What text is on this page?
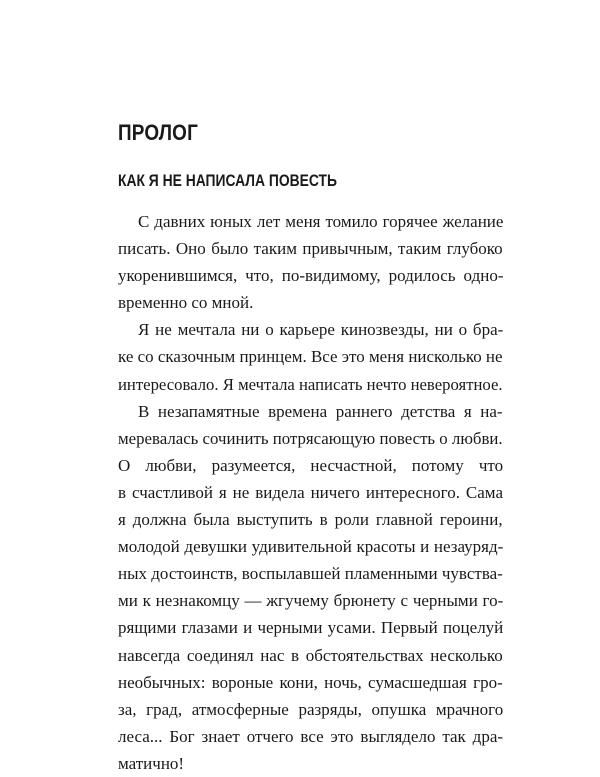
ПРОЛОГ
КАК Я НЕ НАПИСАЛА ПОВЕСТЬ
С давних юных лет меня томило горячее желание
писать. Оно было таким привычным, таким глубоко
укоренившимся, что, по-видимому, родилось одно-
временно со мной.
Я не мечтала ни о карьере кинозвезды, ни о бра-
ке со сказочным принцем. Все это меня нисколько не
интересовало. Я мечтала написать нечто невероятное.
В незапамятные времена раннего детства я на-
меревалась сочинить потрясающую повесть о любви.
О любви, разумеется, несчастной, потому что
в счастливой я не видела ничего интересного. Сама
я должна была выступить в роли главной героини,
молодой девушки удивительной красоты и незауряд-
ных достоинств, воспылавшей пламенными чувства-
ми к незнакомцу — жгучему брюнету с черными го-
рящими глазами и черными усами. Первый поцелуй
навсегда соединял нас в обстоятельствах несколько
необычных: вороные кони, ночь, сумасшедшая гро-
за, град, атмосферные разряды, опушка мрачного
леса... Бог знает отчего все это выглядело так дра-
матично!
